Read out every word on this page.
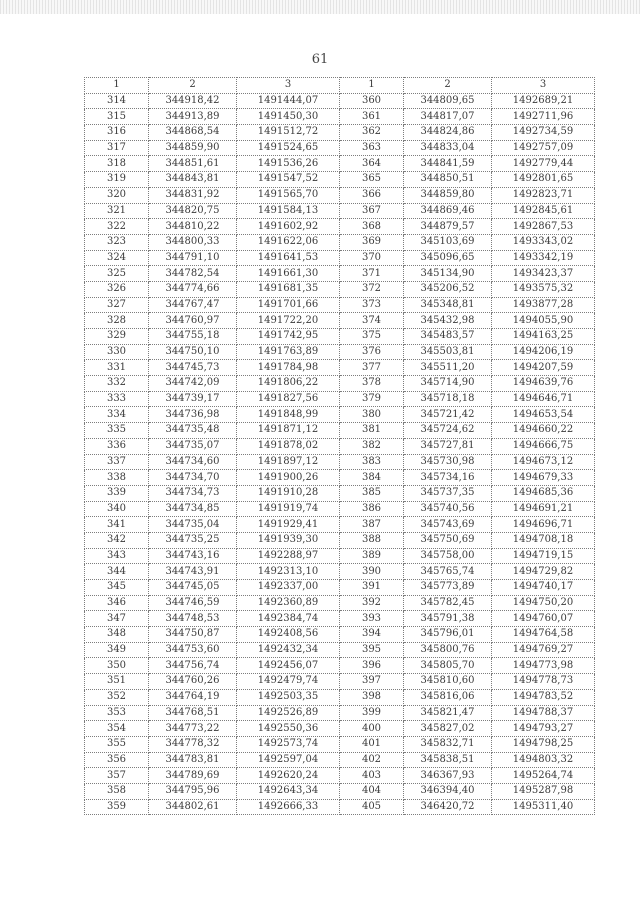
61
1	2	3	1	2	3
314	344918,42	1491444,07	360	344809,65	1492689,21
315	344913,89	1491450,30	361	344817,07	1492711,96
316	344868,54	1491512,72	362	344824,86	1492734,59
317	344859,90	1491524,65	363	344833,04	1492757,09
318	344851,61	1491536,26	364	344841,59	1492779,44
319	344843,81	1491547,52	365	344850,51	1492801,65
320	344831,92	1491565,70	366	344859,80	1492823,71
321	344820,75	1491584,13	367	344869,46	1492845,61
322	344810,22	1491602,92	368	344879,57	1492867,53
323	344800,33	1491622,06	369	345103,69	1493343,02
324	344791,10	1491641,53	370	345096,65	1493342,19
325	344782,54	1491661,30	371	345134,90	1493423,37
326	344774,66	1491681,35	372	345206,52	1493575,32
327	344767,47	1491701,66	373	345348,81	1493877,28
328	344760,97	1491722,20	374	345432,98	1494055,90
329	344755,18	1491742,95	375	345483,57	1494163,25
330	344750,10	1491763,89	376	345503,81	1494206,19
331	344745,73	1491784,98	377	345511,20	1494207,59
332	344742,09	1491806,22	378	345714,90	1494639,76
333	344739,17	1491827,56	379	345718,18	1494646,71
334	344736,98	1491848,99	380	345721,42	1494653,54
335	344735,48	1491871,12	381	345724,62	1494660,22
336	344735,07	1491878,02	382	345727,81	1494666,75
337	344734,60	1491897,12	383	345730,98	1494673,12
338	344734,70	1491900,26	384	345734,16	1494679,33
339	344734,73	1491910,28	385	345737,35	1494685,36
340	344734,85	1491919,74	386	345740,56	1494691,21
341	344735,04	1491929,41	387	345743,69	1494696,71
342	344735,25	1491939,30	388	345750,69	1494708,18
343	344743,16	1492288,97	389	345758,00	1494719,15
344	344743,91	1492313,10	390	345765,74	1494729,82
345	344745,05	1492337,00	391	345773,89	1494740,17
346	344746,59	1492360,89	392	345782,45	1494750,20
347	344748,53	1492384,74	393	345791,38	1494760,07
348	344750,87	1492408,56	394	345796,01	1494764,58
349	344753,60	1492432,34	395	345800,76	1494769,27
350	344756,74	1492456,07	396	345805,70	1494773,98
351	344760,26	1492479,74	397	345810,60	1494778,73
352	344764,19	1492503,35	398	345816,06	1494783,52
353	344768,51	1492526,89	399	345821,47	1494788,37
354	344773,22	1492550,36	400	345827,02	1494793,27
355	344778,32	1492573,74	401	345832,71	1494798,25
356	344783,81	1492597,04	402	345838,51	1494803,32
357	344789,69	1492620,24	403	346367,93	1495264,74
358	344795,96	1492643,34	404	346394,40	1495287,98
359	344802,61	1492666,33	405	346420,72	1495311,40
